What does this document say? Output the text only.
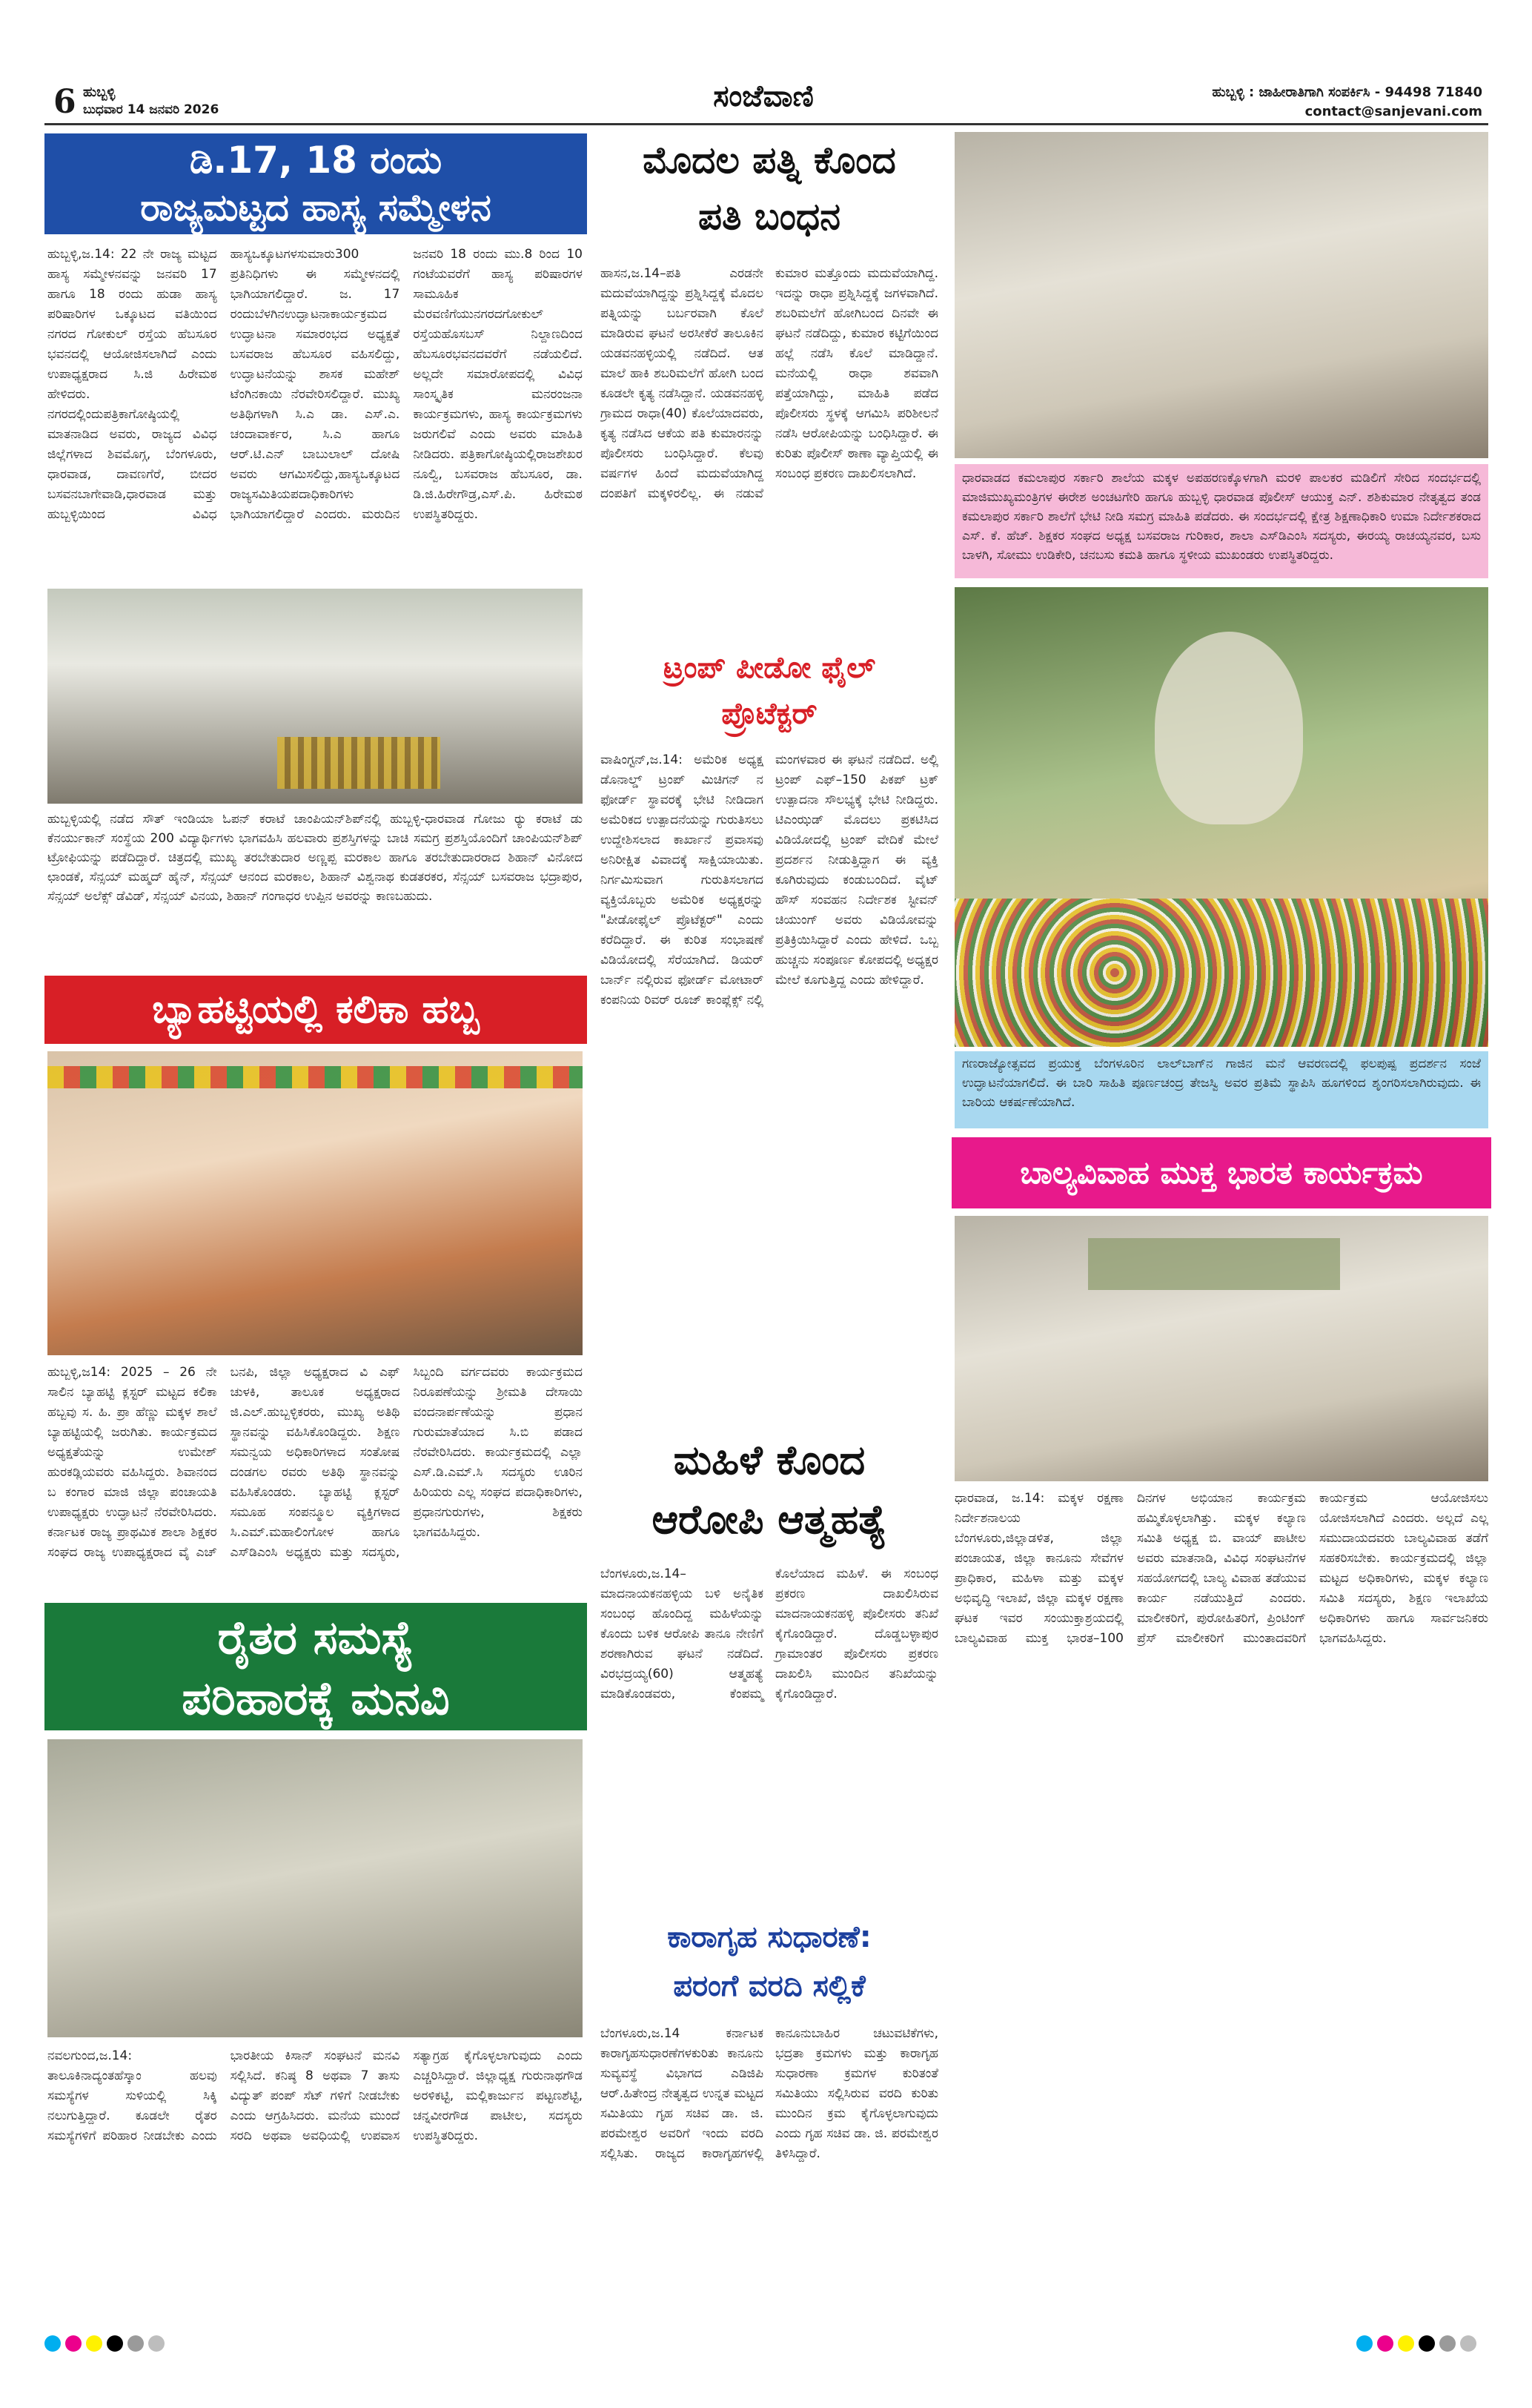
6 ಹುಬ್ಬಳ್ಳಿ
ಬುಧವಾರ 14 ಜನವರಿ 2026	ಸಂಜೆವಾಣಿ	ಹುಬ್ಬಳ್ಳಿ : ಜಾಹೀರಾತಿಗಾಗಿ ಸಂಪರ್ಕಿಸಿ - 94498 71840
contact@sanjevani.com
ಡಿ.17, 18 ರಂದು
ರಾಜ್ಯಮಟ್ಟದ ಹಾಸ್ಯ ಸಮ್ಮೇಳನ
ಹುಬ್ಬಳ್ಳಿ,ಜ.14: 22 ನೇ ರಾಜ್ಯ ಮಟ್ಟದ ಹಾಸ್ಯ ಸಮ್ಮೇಳನವನ್ನು ಜನವರಿ 17 ಹಾಗೂ 18 ರಂದು ಹುಡಾ ಹಾಸ್ಯ ಪರಿಷಾರಿಗಳ ಒಕ್ಕೂಟದ ವತಿಯಿಂದ ನಗರದ ಗೋಕುಲ್ ರಸ್ತೆಯ ಹೆಬಸೂರ ಭವನದಲ್ಲಿ ಆಯೋಜಿಸಲಾಗಿದೆ ಎಂದು ಉಪಾಧ್ಯಕ್ಷರಾದ ಸಿ.ಜಿ ಹಿರೇಮಠ ಹೇಳಿದರು. ನಗರದಲ್ಲಿಂದುಪತ್ರಿಕಾಗೋಷ್ಠಿಯಲ್ಲಿ ಮಾತನಾಡಿದ ಅವರು, ರಾಜ್ಯದ ವಿವಿಧ ಜಿಲ್ಲೆಗಳಾದ ಶಿವಮೊಗ್ಗ, ಬೆಂಗಳೂರು, ಧಾರವಾಡ, ದಾವಣಗೆರೆ, ಬೀದರ ಬಸವನಬಾಗೇವಾಡಿ,ಧಾರವಾಡ ಮತ್ತು ಹುಬ್ಬಳ್ಳಿಯಿಂದ ವಿವಿಧ ಹಾಸ್ಯಒಕ್ಕೂಟಗಳಸುಮಾರು300 ಪ್ರತಿನಿಧಿಗಳು ಈ ಸಮ್ಮೇಳನದಲ್ಲಿ ಭಾಗಿಯಾಗಲಿದ್ದಾರೆ. ಜ. 17 ರಂದುಬೆಳಗಿನಉದ್ಘಾಟನಾಕಾರ್ಯಕ್ರಮದ ಉದ್ಘಾಟನಾ ಸಮಾರಂಭದ ಅಧ್ಯಕ್ಷತೆ ಬಸವರಾಜ ಹೆಬಸೂರ ವಹಿಸಲಿದ್ದು, ಉದ್ಘಾಟನೆಯನ್ನು ಶಾಸಕ ಮಹೇಶ್ ಟೆಂಗಿನಕಾಯಿ ನೆರವೇರಿಸಲಿದ್ದಾರೆ. ಮುಖ್ಯ ಅತಿಥಿಗಳಾಗಿ ಸಿ.ಎ ಡಾ. ಎಸ್.ಎ. ಚಂದಾವಾರ್ಕರ, ಸಿ.ಎ ಹಾಗೂ ಆರ್.ಟಿ.ಎನ್ ಬಾಬುಲಾಲ್ ದೋಷಿ ಅವರು ಆಗಮಿಸಲಿದ್ದು,ಹಾಸ್ಯಒಕ್ಕೂಟದ ರಾಜ್ಯಸಮಿತಿಯಪದಾಧಿಕಾರಿಗಳು ಭಾಗಿಯಾಗಲಿದ್ದಾರೆ ಎಂದರು. ಮರುದಿನ ಜನವರಿ 18 ರಂದು ಮು.8 ರಿಂದ 10 ಗಂಟೆಯವರೆಗೆ ಹಾಸ್ಯ ಪರಿಷಾರಗಳ ಸಾಮೂಹಿಕ ಮೆರವಣಿಗೆಯುನಗರದಗೋಕುಲ್ ರಸ್ತೆಯಹೊಸಬಸ್ ನಿಲ್ದಾಣದಿಂದ ಹೆಬಸೂರಭವನದವರೆಗೆ ನಡೆಯಲಿದೆ. ಅಲ್ಲದೇ ಸಮಾರೋಪದಲ್ಲಿ ವಿವಿಧ ಸಾಂಸ್ಕೃತಿಕ ಮನರಂಜನಾ ಕಾರ್ಯಕ್ರಮಗಳು, ಹಾಸ್ಯ ಕಾರ್ಯಕ್ರಮಗಳು ಜರುಗಲಿವೆ ಎಂದು ಅವರು ಮಾಹಿತಿ ನೀಡಿದರು. ಪತ್ರಿಕಾಗೋಷ್ಠಿಯಲ್ಲಿರಾಜಶೇಖರ ನೂಲ್ವಿ, ಬಸವರಾಜ ಹೆಬಸೂರ, ಡಾ. ಡಿ.ಜಿ.ಹಿರೇಗೌಡ್ರ,ಎಸ್.ಪಿ. ಹಿರೇಮಠ ಉಪಸ್ಥಿತರಿದ್ದರು.
ಹುಬ್ಬಳ್ಳಿಯಲ್ಲಿ ನಡೆದ ಸೌತ್ ಇಂಡಿಯಾ ಓಪನ್ ಕರಾಟೆ ಚಾಂಪಿಯನ್‌ಶಿಪ್‌ನಲ್ಲಿ ಹುಬ್ಬಳ್ಳಿ-ಧಾರವಾಡ ಗೋಜು ರ‍್ಯು ಕರಾಟೆ ಡು ಕೆನರ್ಯುಕಾನ್ ಸಂಸ್ಥೆಯ 200 ವಿದ್ಯಾರ್ಥಿಗಳು ಭಾಗವಹಿಸಿ ಹಲವಾರು ಪ್ರಶಸ್ತಿಗಳನ್ನು ಬಾಚಿ ಸಮಗ್ರ ಪ್ರಶಸ್ತಿಯೊಂದಿಗೆ ಚಾಂಪಿಯನ್‌ಶಿಪ್ ಟ್ರೋಫಿಯನ್ನು ಪಡೆದಿದ್ದಾರೆ. ಚಿತ್ರದಲ್ಲಿ ಮುಖ್ಯ ತರಬೇತುದಾರ ಅಣ್ಣಪ್ಪ ಮರಕಾಲ ಹಾಗೂ ತರಬೇತುದಾರರಾದ ಶಿಹಾನ್ ವಿನೋದ ಛಾಂಡಕೆ, ಸೆನ್ಸಯ್ ಮಹ್ಮದ್ ಹೈನ್, ಸೆನ್ಸಯ್ ಆನಂದ ಮರಕಾಲ, ಶಿಹಾನ್ ವಿಶ್ವನಾಥ ಕುಡತರಕರ, ಸೆನ್ಸಯ್ ಬಸವರಾಜ ಭದ್ರಾಪುರ, ಸೆನ್ಸಯ್ ಅಲೆಕ್ಸ್ ಡೆವಿಡ್, ಸೆನ್ಸಯ್ ವಿನಯ, ಶಿಹಾನ್ ಗಂಗಾಧರ ಉಪ್ಪಿನ ಅವರನ್ನು ಕಾಣಬಹುದು.
ಬ್ಯಾಹಟ್ಟಿಯಲ್ಲಿ ಕಲಿಕಾ ಹಬ್ಬ
ಹುಬ್ಬಳ್ಳಿ,ಜ14: 2025 – 26 ನೇ ಸಾಲಿನ ಬ್ಯಾಹಟ್ಟಿ ಕ್ಲಸ್ಟರ್ ಮಟ್ಟದ ಕಲಿಕಾ ಹಬ್ಬವು ಸ. ಹಿ. ಪ್ರಾ ಹೆಣ್ಣು ಮಕ್ಕಳ ಶಾಲೆ ಬ್ಯಾಹಟ್ಟಿಯಲ್ಲಿ ಜರುಗಿತು. ಕಾರ್ಯಕ್ರಮದ ಅಧ್ಯಕ್ಷತೆಯನ್ನು ಉಮೇಶ್ ಹುರಕಡ್ಲಿಯವರು ವಹಿಸಿದ್ದರು. ಶಿವಾನಂದ ಬ ಕಂಗಾರ ಮಾಜಿ ಜಿಲ್ಲಾ ಪಂಚಾಯತಿ ಉಪಾಧ್ಯಕ್ಷರು ಉದ್ಘಾಟನೆ ನೆರವೇರಿಸಿದರು. ಕರ್ನಾಟಕ ರಾಜ್ಯ ಪ್ರಾಥಮಿಕ ಶಾಲಾ ಶಿಕ್ಷಕರ ಸಂಘದ ರಾಜ್ಯ ಉಪಾಧ್ಯಕ್ಷರಾದ ವೈ ಎಚ್ ಬನಪಿ, ಜಿಲ್ಲಾ ಅಧ್ಯಕ್ಷರಾದ ವಿ ಎಫ್ ಚುಳಕಿ, ತಾಲೂಕ ಅಧ್ಯಕ್ಷರಾದ ಜಿ.ಎಲ್.ಹುಬ್ಬಳ್ಳಿಕರರು, ಮುಖ್ಯ ಅತಿಥಿ ಸ್ಥಾನವನ್ನು ವಹಿಸಿಕೊಂಡಿದ್ದರು. ಶಿಕ್ಷಣ ಸಮನ್ವಯ ಅಧಿಕಾರಿಗಳಾದ ಸಂತೋಷ ದಂಡಗಲ ರವರು ಅತಿಥಿ ಸ್ಥಾನವನ್ನು ವಹಿಸಿಕೊಂಡರು. ಬ್ಯಾಹಟ್ಟಿ ಕ್ಲಸ್ಟರ್ ಸಮೂಹ ಸಂಪನ್ಮೂಲ ವ್ಯಕ್ತಿಗಳಾದ ಸಿ.ಎಮ್.ಮಹಾಲಿಂಗೋಳ ಹಾಗೂ ಎಸ್‌ಡಿಎಂಸಿ ಅಧ್ಯಕ್ಷರು ಮತ್ತು ಸದಸ್ಯರು, ಸಿಬ್ಬಂದಿ ವರ್ಗದವರು ಕಾರ್ಯಕ್ರಮದ ನಿರೂಪಣೆಯನ್ನು ಶ್ರೀಮತಿ ದೇಸಾಯಿ ವಂದನಾರ್ಪಣೆಯನ್ನು ಪ್ರಧಾನ ಗುರುಮಾತೆಯಾದ ಸಿ.ಬಿ ಪಡಾದ ನೆರವೇರಿಸಿದರು. ಕಾರ್ಯಕ್ರಮದಲ್ಲಿ ಎಲ್ಲಾ ಎಸ್.ಡಿ.ಎಮ್.ಸಿ ಸದಸ್ಯರು ಊರಿನ ಹಿರಿಯರು ಎಲ್ಲ ಸಂಘದ ಪದಾಧಿಕಾರಿಗಳು, ಪ್ರಧಾನಗುರುಗಳು, ಶಿಕ್ಷಕರು ಭಾಗವಹಿಸಿದ್ದರು.
ರೈತರ ಸಮಸ್ಯೆ
ಪರಿಹಾರಕ್ಕೆ ಮನವಿ
ನವಲಗುಂದ,ಜ.14: ತಾಲೂಕಿನಾದ್ಯಂತಹೆಸ್ಕಾಂ ಹಲವು ಸಮಸ್ಯೆಗಳ ಸುಳಿಯಲ್ಲಿ ಸಿಕ್ಕಿ ನಲುಗುತ್ತಿದ್ದಾರೆ. ಕೂಡಲೇ ರೈತರ ಸಮಸ್ಯೆಗಳಿಗೆ ಪರಿಹಾರ ನೀಡಬೇಕು ಎಂದು ಭಾರತೀಯ ಕಿಸಾನ್ ಸಂಘಟನೆ ಮನವಿ ಸಲ್ಲಿಸಿದೆ. ಕನಿಷ್ಠ 8 ಅಥವಾ 7 ತಾಸು ವಿದ್ಯುತ್ ಪಂಪ್ ಸೆಟ್ ಗಳಿಗೆ ನೀಡಬೇಕು ಎಂದು ಆಗ್ರಹಿಸಿದರು. ಮನೆಯ ಮುಂದೆ ಸರದಿ ಅಥವಾ ಅವಧಿಯಲ್ಲಿ ಉಪವಾಸ ಸತ್ಯಾಗ್ರಹ ಕೈಗೊಳ್ಳಲಾಗುವುದು ಎಂದು ಎಚ್ಚರಿಸಿದ್ದಾರೆ. ಜಿಲ್ಲಾಧ್ಯಕ್ಷ ಗುರುನಾಥಗೌಡ ಅರಳಿಕಟ್ಟಿ, ಮಲ್ಲಿಕಾರ್ಜುನ ಪಟ್ಟಣಶೆಟ್ಟಿ, ಚನ್ನವೀರಗೌಡ ಪಾಟೀಲ, ಸದಸ್ಯರು ಉಪಸ್ಥಿತರಿದ್ದರು.
ಮೊದಲ ಪತ್ನಿ ಕೊಂದ
ಪತಿ ಬಂಧನ
ಹಾಸನ,ಜ.14–ಪತಿ ಎರಡನೇ ಮದುವೆಯಾಗಿದ್ದನ್ನು ಪ್ರಶ್ನಿಸಿದ್ದಕ್ಕೆ ಮೊದಲ ಪತ್ನಿಯನ್ನು ಬರ್ಬರವಾಗಿ ಕೊಲೆ ಮಾಡಿರುವ ಘಟನೆ ಅರಸೀಕೆರೆ ತಾಲೂಕಿನ ಯಡವನಹಳ್ಳಿಯಲ್ಲಿ ನಡೆದಿದೆ. ಆತ ಮಾಲೆ ಹಾಕಿ ಶಬರಿಮಲೆಗೆ ಹೋಗಿ ಬಂದ ಕೂಡಲೇ ಕೃತ್ಯ ನಡೆಸಿದ್ದಾನೆ. ಯಡವನಹಳ್ಳಿ ಗ್ರಾಮದ ರಾಧಾ(40) ಕೊಲೆಯಾದವರು, ಕೃತ್ಯ ನಡೆಸಿದ ಆಕೆಯ ಪತಿ ಕುಮಾರನನ್ನು ಪೊಲೀಸರು ಬಂಧಿಸಿದ್ದಾರೆ. ಕೆಲವು ವರ್ಷಗಳ ಹಿಂದೆ ಮದುವೆಯಾಗಿದ್ದ ದಂಪತಿಗೆ ಮಕ್ಕಳಿರಲಿಲ್ಲ. ಈ ನಡುವೆ ಕುಮಾರ ಮತ್ತೊಂದು ಮದುವೆಯಾಗಿದ್ದ. ಇದನ್ನು ರಾಧಾ ಪ್ರಶ್ನಿಸಿದ್ದಕ್ಕೆ ಜಗಳವಾಗಿದೆ. ಶಬರಿಮಲೆಗೆ ಹೋಗಿಬಂದ ದಿನವೇ ಈ ಘಟನೆ ನಡೆದಿದ್ದು, ಕುಮಾರ ಕಟ್ಟಿಗೆಯಿಂದ ಹಲ್ಲೆ ನಡೆಸಿ ಕೊಲೆ ಮಾಡಿದ್ದಾನೆ. ಮನೆಯಲ್ಲಿ ರಾಧಾ ಶವವಾಗಿ ಪತ್ತೆಯಾಗಿದ್ದು, ಮಾಹಿತಿ ಪಡೆದ ಪೊಲೀಸರು ಸ್ಥಳಕ್ಕೆ ಆಗಮಿಸಿ ಪರಿಶೀಲನೆ ನಡೆಸಿ ಆರೋಪಿಯನ್ನು ಬಂಧಿಸಿದ್ದಾರೆ. ಈ ಕುರಿತು ಪೊಲೀಸ್ ಠಾಣಾ ವ್ಯಾಪ್ತಿಯಲ್ಲಿ ಈ ಸಂಬಂಧ ಪ್ರಕರಣ ದಾಖಲಿಸಲಾಗಿದೆ.
ಟ್ರಂಪ್ ಪೀಡೋ ಫೈಲ್
ಪ್ರೊಟೆಕ್ಟರ್
ವಾಷಿಂಗ್ಟನ್,ಜ.14: ಅಮೆರಿಕ ಅಧ್ಯಕ್ಷ ಡೊನಾಲ್ಡ್ ಟ್ರಂಪ್ ಮಿಚಿಗನ್ ನ ಫೋರ್ಡ್ ಸ್ಥಾವರಕ್ಕೆ ಭೇಟಿ ನೀಡಿದಾಗ ಅಮೆರಿಕದ ಉತ್ಪಾದನೆಯನ್ನು ಗುರುತಿಸಲು ಉದ್ದೇಶಿಸಲಾದ ಕಾರ್ಖಾನೆ ಪ್ರವಾಸವು ಅನಿರೀಕ್ಷಿತ ವಿವಾದಕ್ಕೆ ಸಾಕ್ಷಿಯಾಯಿತು. ನಿರ್ಗಮಿಸುವಾಗ ಗುರುತಿಸಲಾಗದ ವ್ಯಕ್ತಿಯೊಬ್ಬರು ಅಮೆರಿಕ ಅಧ್ಯಕ್ಷರನ್ನು "ಪೀಡೋಫೈಲ್ ಪ್ರೊಟೆಕ್ಟರ್" ಎಂದು ಕರೆದಿದ್ದಾರೆ. ಈ ಕುರಿತ ಸಂಭಾಷಣೆ ವಿಡಿಯೋದಲ್ಲಿ ಸೆರೆಯಾಗಿದೆ. ಡಿಯರ್ ಬಾರ್ನ್ ನಲ್ಲಿರುವ ಫೋರ್ಡ್ ಮೋಟಾರ್ ಕಂಪನಿಯ ರಿವರ್ ರೂಜ್ ಕಾಂಪ್ಲೆಕ್ಸ್ ನಲ್ಲಿ ಮಂಗಳವಾರ ಈ ಘಟನೆ ನಡೆದಿದೆ. ಅಲ್ಲಿ ಟ್ರಂಪ್ ಎಫ್–150 ಪಿಕಪ್ ಟ್ರಕ್ ಉತ್ಪಾದನಾ ಸೌಲಭ್ಯಕ್ಕೆ ಭೇಟಿ ನೀಡಿದ್ದರು. ಟಿಎಂಝಡ್ ಮೊದಲು ಪ್ರಕಟಿಸಿದ ವಿಡಿಯೋದಲ್ಲಿ ಟ್ರಂಪ್ ವೇದಿಕೆ ಮೇಲೆ ಪ್ರದರ್ಶನ ನೀಡುತ್ತಿದ್ದಾಗ ಈ ವ್ಯಕ್ತಿ ಕೂಗಿರುವುದು ಕಂಡುಬಂದಿದೆ. ವೈಟ್ ಹೌಸ್ ಸಂವಹನ ನಿರ್ದೇಶಕ ಸ್ಟೀವನ್ ಚಿಯುಂಗ್ ಅವರು ವಿಡಿಯೋವನ್ನು ಪ್ರತಿಕ್ರಿಯಿಸಿದ್ದಾರೆ ಎಂದು ಹೇಳಿದೆ. ಒಬ್ಬ ಹುಚ್ಚನು ಸಂಪೂರ್ಣ ಕೋಪದಲ್ಲಿ ಅಧ್ಯಕ್ಷರ ಮೇಲೆ ಕೂಗುತ್ತಿದ್ದ ಎಂದು ಹೇಳಿದ್ದಾರೆ.
ಮಹಿಳೆ ಕೊಂದ
ಆರೋಪಿ ಆತ್ಮಹತ್ಯೆ
ಬೆಂಗಳೂರು,ಜ.14–ಮಾದನಾಯಕನಹಳ್ಳಿಯ ಬಳಿ ಅನೈತಿಕ ಸಂಬಂಧ ಹೊಂದಿದ್ದ ಮಹಿಳೆಯನ್ನು ಕೊಂದು ಬಳಿಕ ಆರೋಪಿ ತಾನೂ ನೇಣಿಗೆ ಶರಣಾಗಿರುವ ಘಟನೆ ನಡೆದಿದೆ. ವಿರಭದ್ರಯ್ಯ(60) ಆತ್ಮಹತ್ಯೆ ಮಾಡಿಕೊಂಡವರು, ಕೆಂಪಮ್ಮ ಕೊಲೆಯಾದ ಮಹಿಳೆ. ಈ ಸಂಬಂಧ ಪ್ರಕರಣ ದಾಖಲಿಸಿರುವ ಮಾದನಾಯಕನಹಳ್ಳಿ ಪೊಲೀಸರು ತನಿಖೆ ಕೈಗೊಂಡಿದ್ದಾರೆ. ದೊಡ್ಡಬಳ್ಳಾಪುರ ಗ್ರಾಮಾಂತರ ಪೊಲೀಸರು ಪ್ರಕರಣ ದಾಖಲಿಸಿ ಮುಂದಿನ ತನಿಖೆಯನ್ನು ಕೈಗೊಂಡಿದ್ದಾರೆ.
ಕಾರಾಗೃಹ ಸುಧಾರಣೆ:
ಪರಂಗೆ ವರದಿ ಸಲ್ಲಿಕೆ
ಬೆಂಗಳೂರು,ಜ.14 ಕರ್ನಾಟಕ ಕಾರಾಗೃಹಸುಧಾರಣೆಗಳಕುರಿತು ಕಾನೂನು ಸುವ್ಯವಸ್ಥೆ ವಿಭಾಗದ ಎಡಿಜಿಪಿ ಆರ್.ಹಿತೇಂದ್ರ ನೇತೃತ್ವದ ಉನ್ನತ ಮಟ್ಟದ ಸಮಿತಿಯು ಗೃಹ ಸಚಿವ ಡಾ. ಜಿ. ಪರಮೇಶ್ವರ ಅವರಿಗೆ ಇಂದು ವರದಿ ಸಲ್ಲಿಸಿತು. ರಾಜ್ಯದ ಕಾರಾಗೃಹಗಳಲ್ಲಿ ಕಾನೂನುಬಾಹಿರ ಚಟುವಟಿಕೆಗಳು, ಭದ್ರತಾ ಕ್ರಮಗಳು ಮತ್ತು ಕಾರಾಗೃಹ ಸುಧಾರಣಾ ಕ್ರಮಗಳ ಕುರಿತಂತೆ ಸಮಿತಿಯು ಸಲ್ಲಿಸಿರುವ ವರದಿ ಕುರಿತು ಮುಂದಿನ ಕ್ರಮ ಕೈಗೊಳ್ಳಲಾಗುವುದು ಎಂದು ಗೃಹ ಸಚಿವ ಡಾ. ಜಿ. ಪರಮೇಶ್ವರ ತಿಳಿಸಿದ್ದಾರೆ.
ಧಾರವಾಡದ ಕಮಲಾಪುರ ಸರ್ಕಾರಿ ಶಾಲೆಯ ಮಕ್ಕಳ ಅಪಹರಣಕ್ಕೊಳಗಾಗಿ ಮರಳಿ ಪಾಲಕರ ಮಡಿಲಿಗೆ ಸೇರಿದ ಸಂದರ್ಭದಲ್ಲಿ ಮಾಜಿಮುಖ್ಯಮಂತ್ರಿಗಳ ಈರೇಶ ಅಂಚಟಗೇರಿ ಹಾಗೂ ಹುಬ್ಬಳ್ಳಿ ಧಾರವಾಡ ಪೊಲೀಸ್ ಆಯುಕ್ತ ಎನ್. ಶಶಿಕುಮಾರ ನೇತೃತ್ವದ ತಂಡ ಕಮಲಾಪುರ ಸರ್ಕಾರಿ ಶಾಲೆಗೆ ಭೇಟಿ ನೀಡಿ ಸಮಗ್ರ ಮಾಹಿತಿ ಪಡೆದರು. ಈ ಸಂದರ್ಭದಲ್ಲಿ ಕ್ಷೇತ್ರ ಶಿಕ್ಷಣಾಧಿಕಾರಿ ಉಮಾ ನಿರ್ದೇಶಕರಾದ ಎಸ್. ಕೆ. ಹೆಚ್. ಶಿಕ್ಷಕರ ಸಂಘದ ಅಧ್ಯಕ್ಷ ಬಸವರಾಜ ಗುರಿಕಾರ, ಶಾಲಾ ಎಸ್‌ಡಿಎಂಸಿ ಸದಸ್ಯರು, ಈರಯ್ಯ ರಾಚಯ್ಯನವರ, ಬಸು ಬಾಳಗಿ, ಸೋಮು ಉಡಿಕೇರಿ, ಚನಬಸು ಕಮತಿ ಹಾಗೂ ಸ್ಥಳೀಯ ಮುಖಂಡರು ಉಪಸ್ಥಿತರಿದ್ದರು.
ಗಣರಾಜ್ಯೋತ್ಸವದ ಪ್ರಯುಕ್ತ ಬೆಂಗಳೂರಿನ ಲಾಲ್‌ಬಾಗ್‌ನ ಗಾಜಿನ ಮನೆ ಆವರಣದಲ್ಲಿ ಫಲಪುಷ್ಪ ಪ್ರದರ್ಶನ ಸಂಜೆ ಉದ್ಘಾಟನೆಯಾಗಲಿದೆ. ಈ ಬಾರಿ ಸಾಹಿತಿ ಪೂರ್ಣಚಂದ್ರ ತೇಜಸ್ವಿ ಅವರ ಪ್ರತಿಮೆ ಸ್ಥಾಪಿಸಿ ಹೂಗಳಿಂದ ಶೃಂಗರಿಸಲಾಗಿರುವುದು. ಈ ಬಾರಿಯ ಆಕರ್ಷಣೆಯಾಗಿದೆ.
ಬಾಲ್ಯವಿವಾಹ ಮುಕ್ತ ಭಾರತ ಕಾರ್ಯಕ್ರಮ
ಧಾರವಾಡ, ಜ.14: ಮಕ್ಕಳ ರಕ್ಷಣಾ ನಿರ್ದೇಶನಾಲಯ ಬೆಂಗಳೂರು,ಜಿಲ್ಲಾಡಳಿತ, ಜಿಲ್ಲಾ ಪಂಚಾಯತ, ಜಿಲ್ಲಾ ಕಾನೂನು ಸೇವೆಗಳ ಪ್ರಾಧಿಕಾರ, ಮಹಿಳಾ ಮತ್ತು ಮಕ್ಕಳ ಅಭಿವೃದ್ಧಿ ಇಲಾಖೆ, ಜಿಲ್ಲಾ ಮಕ್ಕಳ ರಕ್ಷಣಾ ಘಟಕ ಇವರ ಸಂಯುಕ್ತಾಶ್ರಯದಲ್ಲಿ ಬಾಲ್ಯವಿವಾಹ ಮುಕ್ತ ಭಾರತ–100 ದಿನಗಳ ಅಭಿಯಾನ ಕಾರ್ಯಕ್ರಮ ಹಮ್ಮಿಕೊಳ್ಳಲಾಗಿತ್ತು. ಮಕ್ಕಳ ಕಲ್ಯಾಣ ಸಮಿತಿ ಅಧ್ಯಕ್ಷ ಬಿ. ವಾಯ್ ಪಾಟೀಲ ಅವರು ಮಾತನಾಡಿ, ವಿವಿಧ ಸಂಘಟನೆಗಳ ಸಹಯೋಗದಲ್ಲಿ ಬಾಲ್ಯ ವಿವಾಹ ತಡೆಯುವ ಕಾರ್ಯ ನಡೆಯುತ್ತಿದೆ ಎಂದರು. ಮಾಲೀಕರಿಗೆ, ಪುರೋಹಿತರಿಗೆ, ಪ್ರಿಂಟಿಂಗ್ ಪ್ರೆಸ್ ಮಾಲೀಕರಿಗೆ ಮುಂತಾದವರಿಗೆ ಕಾರ್ಯಕ್ರಮ ಆಯೋಜಿಸಲು ಯೋಜಿಸಲಾಗಿದೆ ಎಂದರು. ಅಲ್ಲದೆ ಎಲ್ಲ ಸಮುದಾಯದವರು ಬಾಲ್ಯವಿವಾಹ ತಡೆಗೆ ಸಹಕರಿಸಬೇಕು. ಕಾರ್ಯಕ್ರಮದಲ್ಲಿ ಜಿಲ್ಲಾ ಮಟ್ಟದ ಅಧಿಕಾರಿಗಳು, ಮಕ್ಕಳ ಕಲ್ಯಾಣ ಸಮಿತಿ ಸದಸ್ಯರು, ಶಿಕ್ಷಣ ಇಲಾಖೆಯ ಅಧಿಕಾರಿಗಳು ಹಾಗೂ ಸಾರ್ವಜನಿಕರು ಭಾಗವಹಿಸಿದ್ದರು.
